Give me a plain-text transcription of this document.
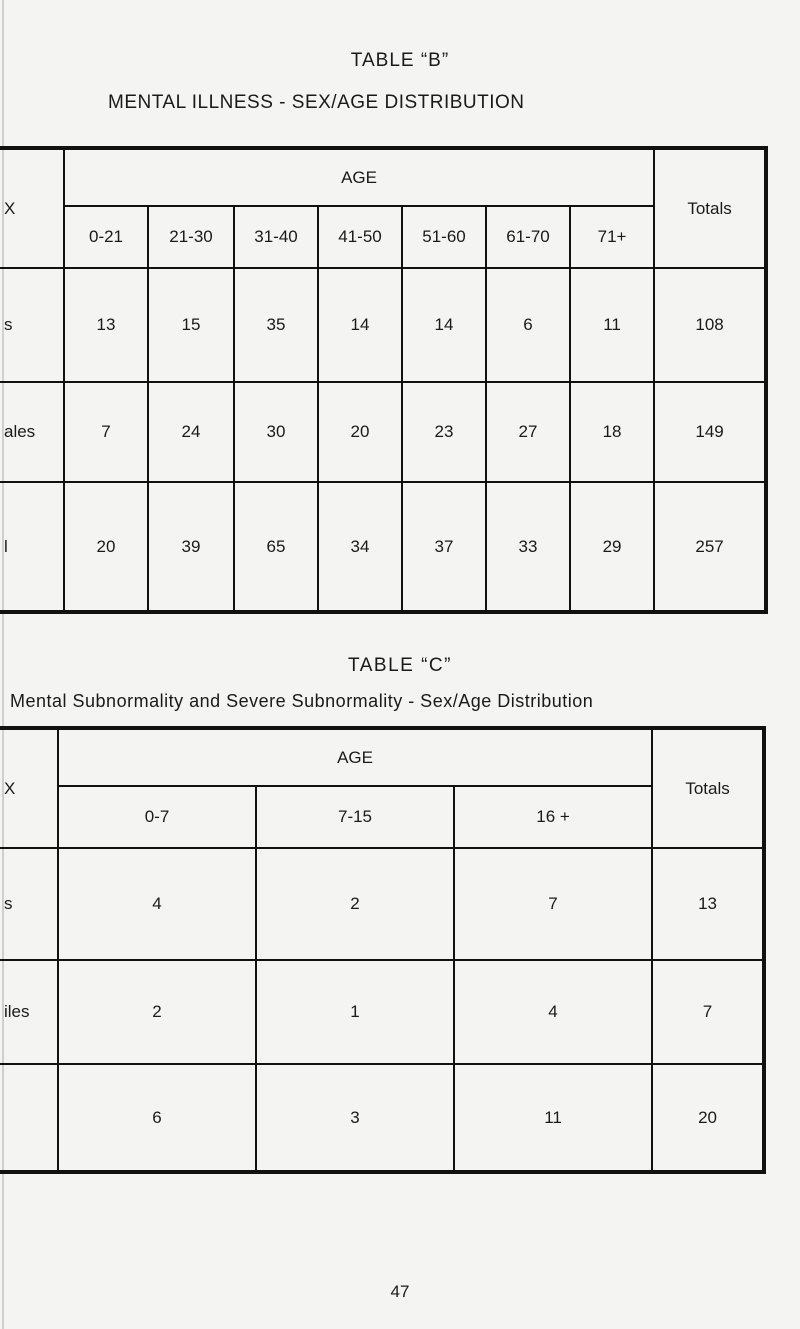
TABLE “B”
MENTAL ILLNESS - SEX/AGE DISTRIBUTION
X	AGE							Totals
	0-21	21-30	31-40	41-50	51-60	61-70	71+	
s	13	15	35	14	14	6	11	108
ales	7	24	30	20	23	27	18	149
l	20	39	65	34	37	33	29	257
TABLE “C”
Mental Subnormality and Severe Subnormality - Sex/Age Distribution
X	AGE			Totals
	0-7	7-15	16 +	
s	4	2	7	13
iles	2	1	4	7
	6	3	11	20
47
